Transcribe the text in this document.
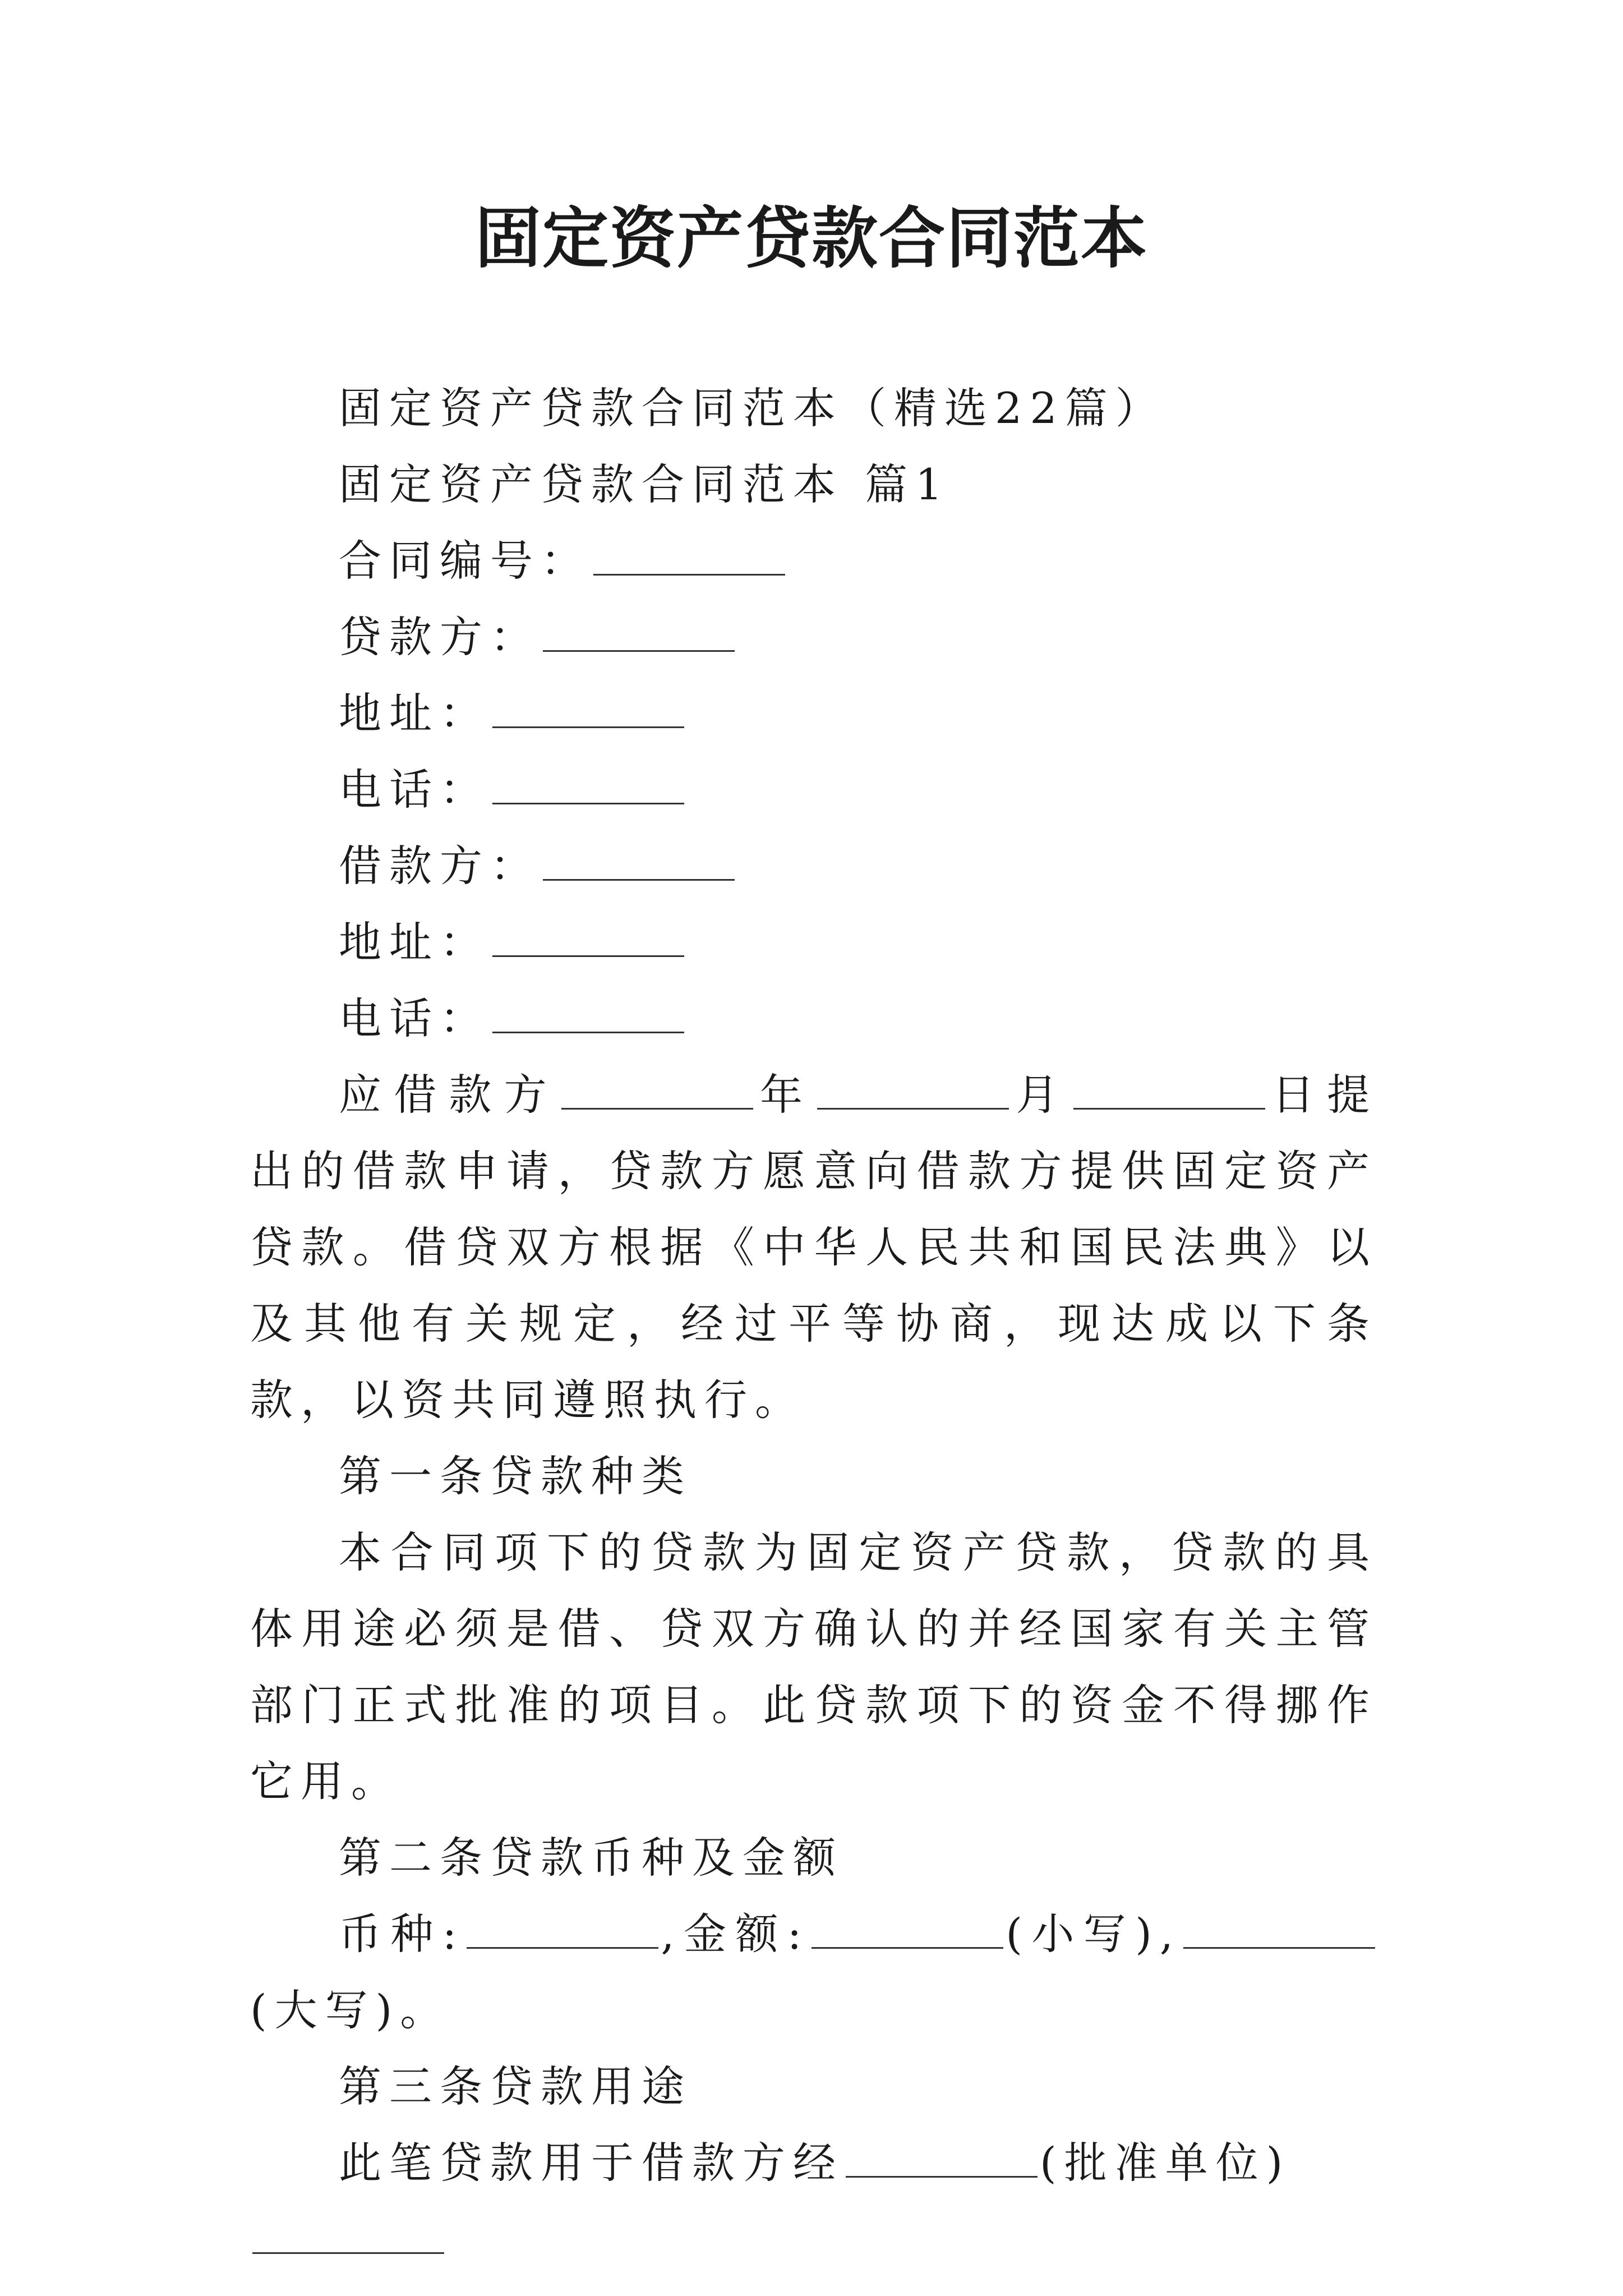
固定资产贷款合同范本

固定资产贷款合同范本（精选22篇）

固定资产贷款合同范本 篇1

合同编号：

贷款方：

地址：

电话：

借款方：

地址：

电话：

应借款方	年	月	日提出的借款申请，贷款方愿意向借款方提供固定资产贷款。借贷双方根据《中华人民共和国民法典》以及其他有关规定，经过平等协商，现达成以下条款，以资共同遵照执行。

第一条贷款种类

本合同项下的贷款为固定资产贷款，贷款的具体用途必须是借、贷双方确认的并经国家有关主管部门正式批准的项目。此贷款项下的资金不得挪作它用。

第二条贷款币种及金额

币种:	,金额:	(小写),(大写)。

第三条贷款用途

此笔贷款用于借款方经	(批准单位)
